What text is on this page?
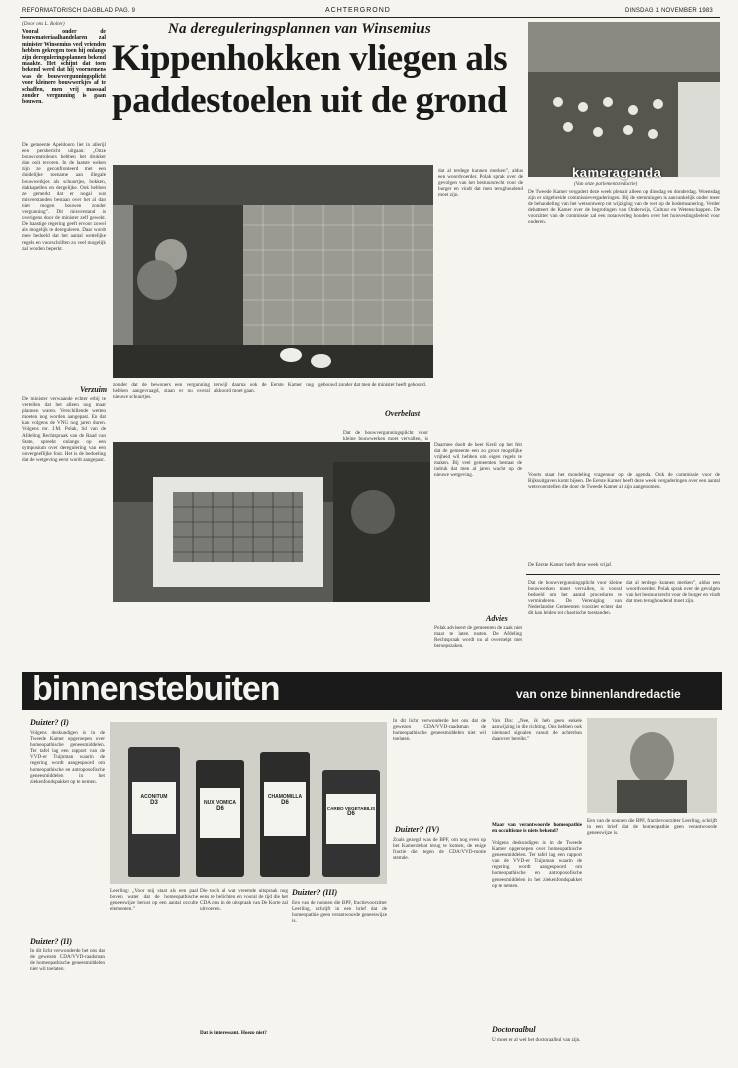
REFORMATORISCH DAGBLAD PAG. 9	ACHTERGROND	DINSDAG 1 NOVEMBER 1983
(Door ons L. Bolier)
Vooral onder de bouwmateriaalhandelaren zal minister Winsemius veel vrienden hebben gekregen toen hij onlangs zijn dereguleringsplannen bekend maakte. Het schijnt dat toen bekend werd dat hij voornemens was de bouwvergunningsplicht voor kleinere bouwwerkjes af te schaffen, men vrij massaal zonder vergunning is gaan bouwen.
De gemeente Apeldoorn liet in allerijl een persbericht uitgaan: „Onze bouwcontroleurs hebben het drukker dan ooit tevoren. In de laatste weken zijn ze geconfronteerd met een duidelijke toename aan illegale bouwwerkjes als schuurtjes, hokken, dakkapellen en dergelijke. Ook hebben ze gemerkt dat er nogal wat misverstanden bestaan over het al dan niet mogen bouwen zonder vergunning”. Dit misverstand is overigens door de minister zelf gewekt. De haastige regering geeft ervoor zowel als mogelijk te dereguleren. Daar wordt mee bedoeld dat het aantal wettelijke regels en voorschriften zo veel mogelijk zal worden beperkt.
Verzuim
De minister verwaande echter erbij te vertellen dat het alleen nog maar plannen waren. Verschillende wetten moeten nog worden aangepast. En dat kan volgens de VNG nog jaren duren. Volgens mr. J.M. Polak, lid van de Afdeling Rechtspraak van de Raad van State, spreekt onlangs op een symposium over deregulering van een onvergeeflijke fout. Het is de bedoeling dat de wetgeving eerst wordt aangepast.
Na dereguleringsplannen van Winsemius
Kippenhokken vliegen als
paddestoelen uit de grond
zonder dat de bewoners een vergunning hebben aangevraagd, staan er nu overal nieuwe schuurtjes.
terwijl daarna ook de Eerste Kamer nog akkoord moet gaan.
gebouwd zonder dat men de minister heeft gehoord.
dat al terdege kunnen merken”, aldus een woordvoerder. Polak sprak over de gevolgen van het bestuursrecht voor de burger en vindt dat men terughoudend moet zijn.
Dat de bouwvergunningsplicht voor kleine bouwwerken moet vervallen, is
Overbelast
Daarmee doelt de heer Kreil op het feit dat de gemeente een zo groot mogelijke vrijheid wil hebben om eigen regels te maken. Bij veel gemeenten bestaat de indruk dat men al jaren wacht op de nieuwe wetgeving.
Advies
Polak adviseert de gemeenten de zaak niet maar te laten rusten. De Afdeling Rechtspraak wordt nu al overstelpt met beroepszaken.
kameragenda
(Van onze parlementsredactie)
De Tweede Kamer vergadert deze week plenair alleen op dinsdag en donderdag. Woensdag zijn er uitgebreide commissievergaderingen. Bij de stemmingen is aanvankelijk onder meer de behandeling van het wetsontwerp tot wijziging van de wet op de bodemsanering. Verder debatteert de Kamer over de begrotingen van Onderwijs, Cultuur en Wetenschappen. De voorzitter van de commissie zal een notaoverleg houden over het huisvestingsbeleid voor ouderen.
Voorts staat het mondeling vragenuur op de agenda. Ook de commissie voor de Rijksuitgaven komt bijeen. De Eerste Kamer heeft deze week vergaderingen over een aantal wetsvoorstellen die door de Tweede Kamer al zijn aangenomen.
De Eerste Kamer heeft deze week vrijaf.
Dat de bouwvergunningsplicht voor kleine bouwwerken moet vervallen, is vooral bedoeld om het aantal procedures te verminderen. De Vereniging van Nederlandse Gemeenten voorziet echter dat dit kan leiden tot chaotische toestanden.
dat al terdege kunnen merken”, aldus een woordvoerder. Polak sprak over de gevolgen van het bestuursrecht voor de burger en vindt dat men terughoudend moet zijn.
binnenstebuiten	van onze binnenlandredactie
Duizter? (I)
Volgens deskundigen is in de Tweede Kamer opgeroepen over homeopathische geneesmiddelen. Ter tafel lag een rapport van de VVD-er Tuijnman waarin de regering wordt aangespoord om homeopathische en antroposofische geneesmiddelen in het ziekenfondspakket op te nemen.
Duizter? (II)
In dit licht verwonderde het ons dat de gewezen CDA/VVD-raadsman de homeopathische geneesmiddelen niet wil toelaten.
ACONITUM
D3	NUX VOMICA
D6
CHAMOMILLA
D6
CARBO VEGETABILIS
D6
Leerling: „Voor mij staat als een paal boven water dat de homeopathische geneeswijze berust op een aantal occulte elementen.”
Dat is interessant. Hoezo niet?
Die toch al wat vreemde uitspraak nog eens te belichten en vooral de tijd die het CDA ons in de uitspraak van De Korte zal uitvoeren.
Duizter? (III)
Een van de nonnen die BPF, fractievoorzitter Leerling, schrijft in een brief dat de homeopathie geen verantwoorde geneeswijze is.
In dit licht verwonderde het ons dat de gewezen CDA/VVD-raadsman de homeopathische geneesmiddelen niet wil toelaten.
Duizter? (IV)
Zoals gezegd was de BPF, om nog even op het Kamerdebat terug te komen, de enige fractie die tegen de CDA/VVD-motie stemde.
Van Dis: „Nee, ik heb geen enkele aanwijzing in die richting. Ons hebben ook niemand signalen vanuit de achterban daarover bereikt.”
Maar van verantwoorde homeopathie en occultisme is niets bekend?
Volgens deskundigen is in de Tweede Kamer opgeroepen over homeopathische geneesmiddelen. Ter tafel lag een rapport van de VVD-er Tuijnman waarin de regering wordt aangespoord om homeopathische en antroposofische geneesmiddelen in het ziekenfondspakket op te nemen.
Doctoraalbul
U moet er al wel het doctoraalbul van zijn.
Een van de nonnen die BPF, fractievoorzitter Leerling, schrijft in een brief dat de homeopathie geen verantwoorde geneeswijze is.
